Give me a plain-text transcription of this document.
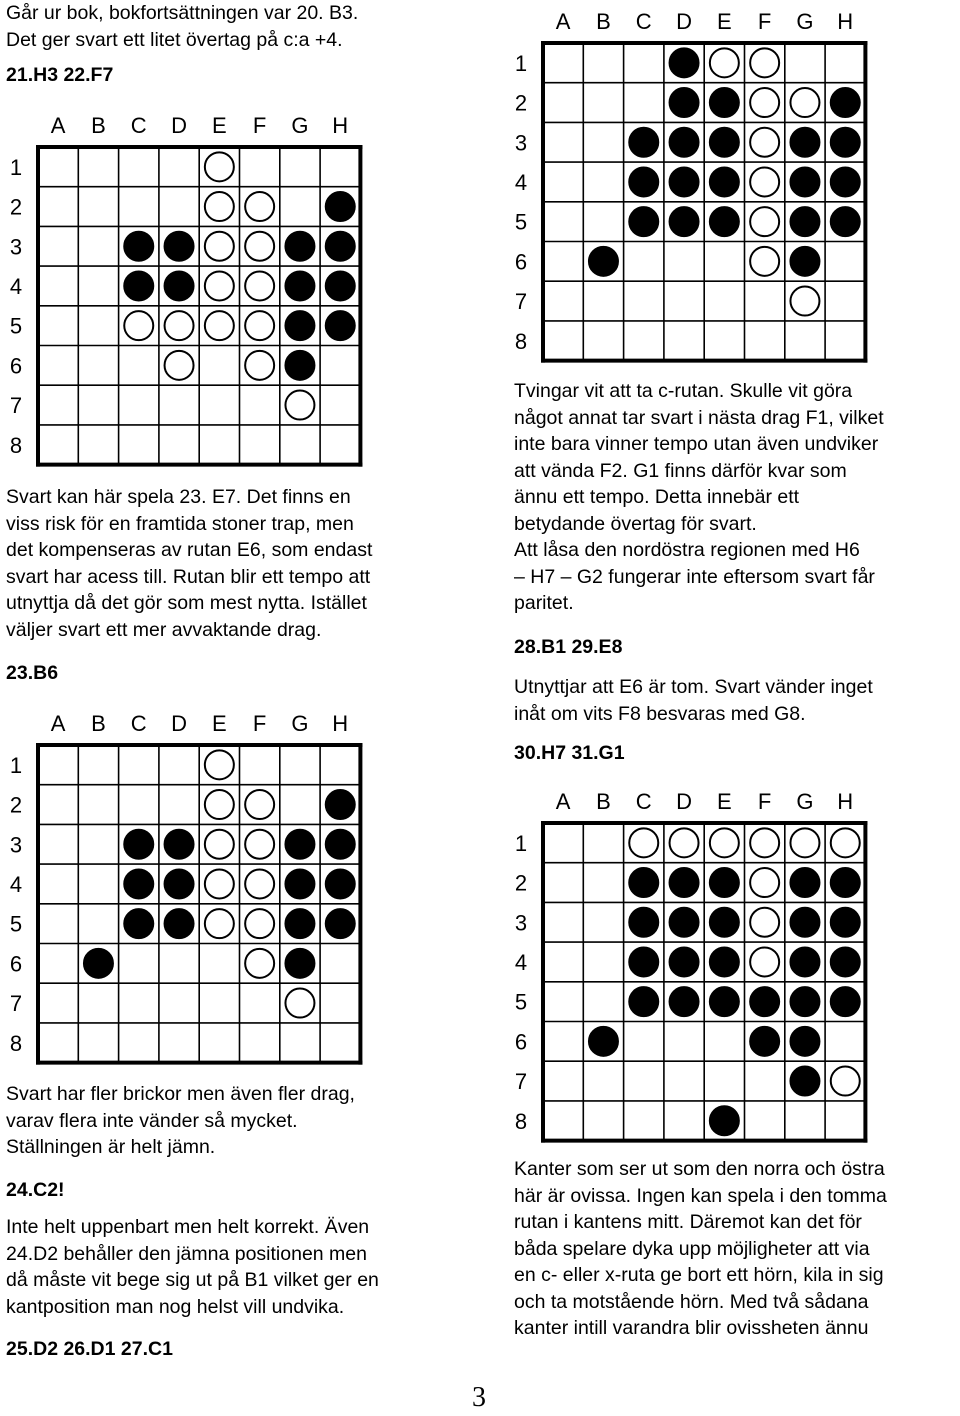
Går ur bok, bokfortsättningen var 20. B3.
Det ger svart ett litet övertag på c:a +4.

21.H3 22.F7

A B C D E F G H
1
2
3
4
5
6
7
8

Svart kan här spela 23. E7. Det finns en
viss risk för en framtida stoner trap, men
det kompenseras av rutan E6, som endast
svart har acess till. Rutan blir ett tempo att
utnyttja då det gör som mest nytta. Istället
väljer svart ett mer avvaktande drag.

23.B6

A B C D E F G H
1
2
3
4
5
6
7
8

Svart har fler brickor men även fler drag,
varav flera inte vänder så mycket.
Ställningen är helt jämn.

24.C2!

Inte helt uppenbart men helt korrekt. Även
24.D2 behåller den jämna positionen men
då måste vit bege sig ut på B1 vilket ger en
kantposition man nog helst vill undvika.

25.D2 26.D1 27.C1

A B C D E F G H
1
2
3
4
5
6
7
8

Tvingar vit att ta c-rutan. Skulle vit göra
något annat tar svart i nästa drag F1, vilket
inte bara vinner tempo utan även undviker
att vända F2. G1 finns därför kvar som
ännu ett tempo. Detta innebär ett
betydande övertag för svart.
Att låsa den nordöstra regionen med H6
– H7 – G2 fungerar inte eftersom svart får
paritet.

28.B1 29.E8

Utnyttjar att E6 är tom. Svart vänder inget
inåt om vits F8 besvaras med G8.

30.H7 31.G1

A B C D E F G H
1
2
3
4
5
6
7
8

Kanter som ser ut som den norra och östra
här är ovissa. Ingen kan spela i den tomma
rutan i kantens mitt. Däremot kan det för
båda spelare dyka upp möjligheter att via
en c- eller x-ruta ge bort ett hörn, kila in sig
och ta motstående hörn. Med två sådana
kanter intill varandra blir ovissheten ännu

3
